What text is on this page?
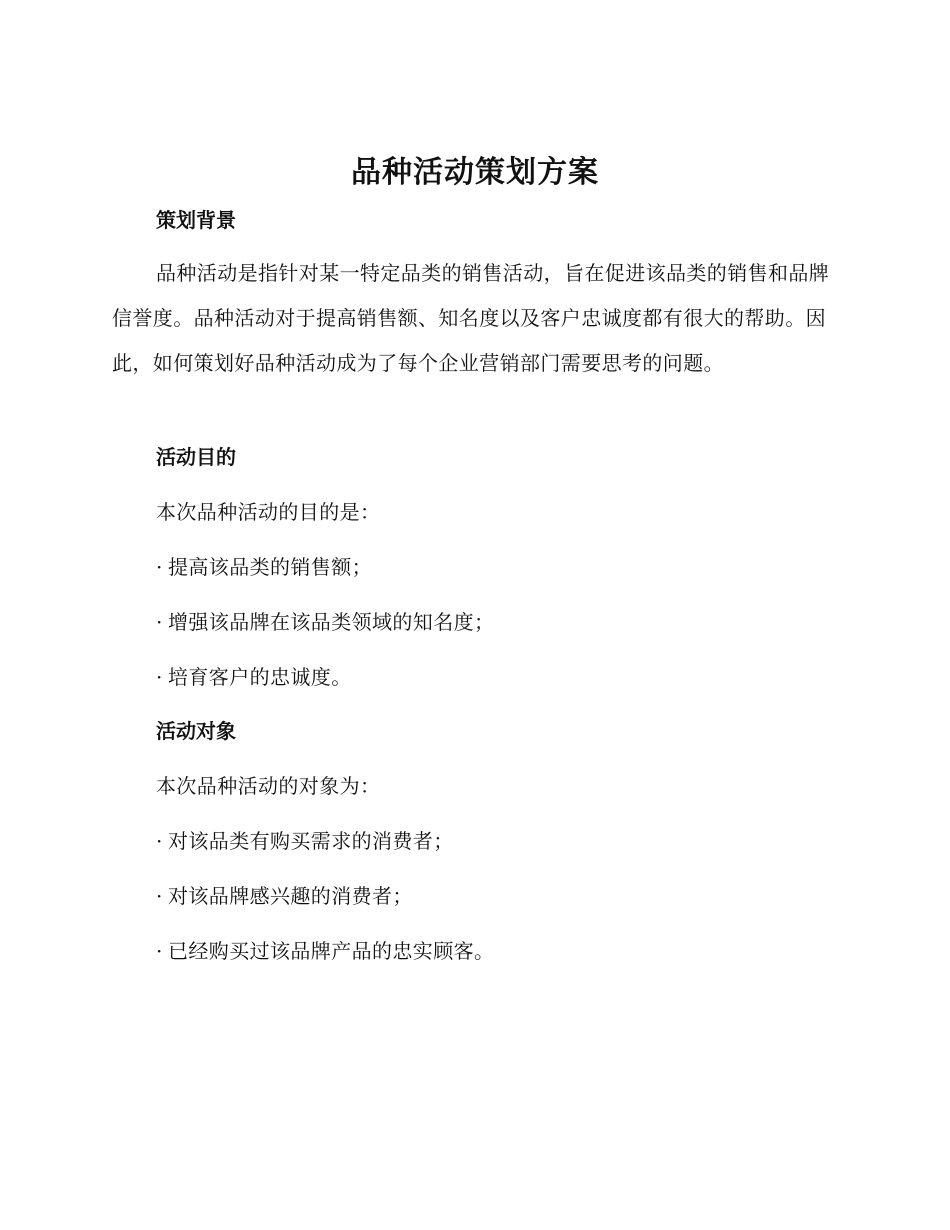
品种活动策划方案
策划背景
品种活动是指针对某一特定品类的销售活动，旨在促进该品类的销售和品牌信誉度。品种活动对于提高销售额、知名度以及客户忠诚度都有很大的帮助。因此，如何策划好品种活动成为了每个企业营销部门需要思考的问题。
活动目的
本次品种活动的目的是：
· 提高该品类的销售额；
· 增强该品牌在该品类领域的知名度；
· 培育客户的忠诚度。
活动对象
本次品种活动的对象为：
· 对该品类有购买需求的消费者；
· 对该品牌感兴趣的消费者；
· 已经购买过该品牌产品的忠实顾客。
